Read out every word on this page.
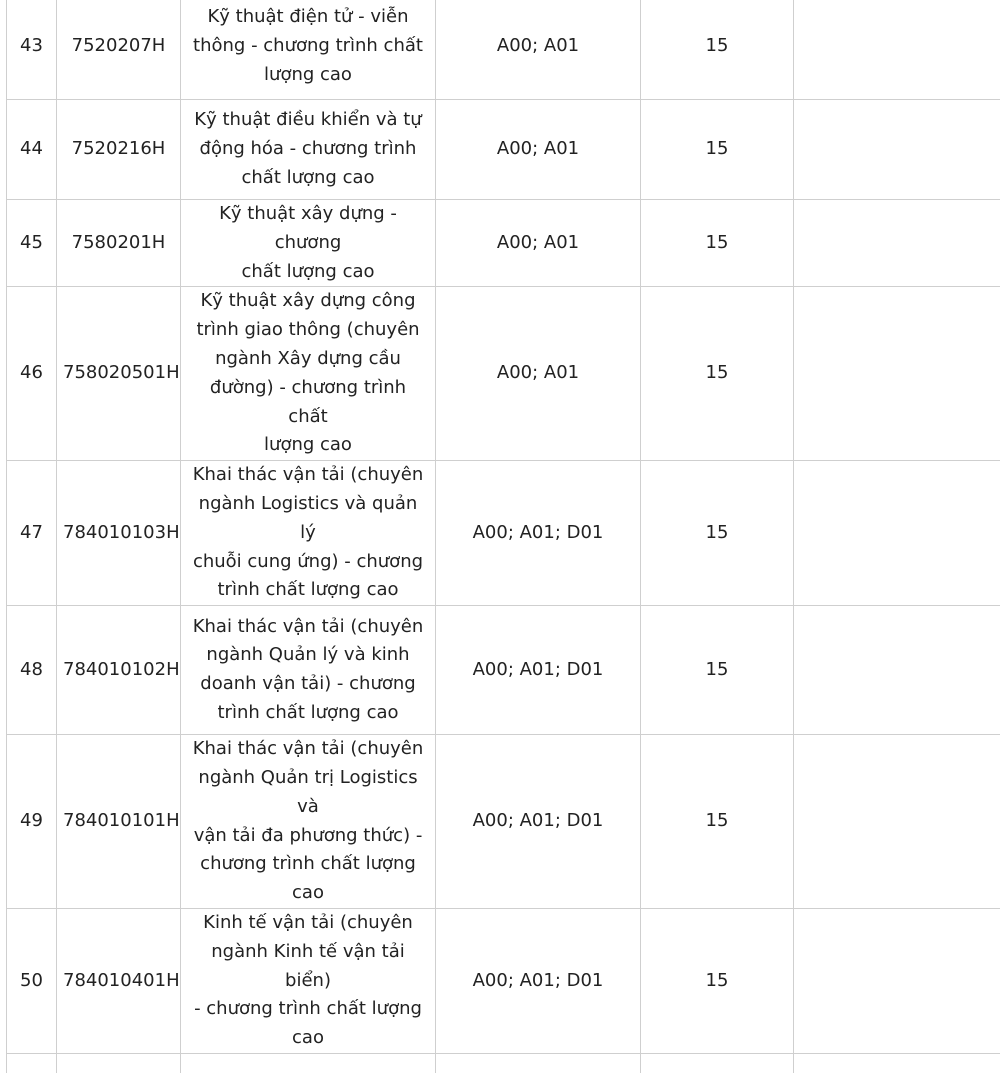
43	7520207H	Kỹ thuật điện tử - viễn
thông - chương trình chất
lượng cao	A00; A01	15	
44	7520216H	Kỹ thuật điều khiển và tự
động hóa - chương trình
chất lượng cao	A00; A01	15	
45	7580201H	Kỹ thuật xây dựng - chương
chất lượng cao	A00; A01	15	
46	758020501H	Kỹ thuật xây dựng công
trình giao thông (chuyên
ngành Xây dựng cầu
đường) - chương trình chất
lượng cao	A00; A01	15	
47	784010103H	Khai thác vận tải (chuyên
ngành Logistics và quản lý
chuỗi cung ứng) - chương
trình chất lượng cao	A00; A01; D01	15	
48	784010102H	Khai thác vận tải (chuyên
ngành Quản lý và kinh
doanh vận tải) - chương
trình chất lượng cao	A00; A01; D01	15	
49	784010101H	Khai thác vận tải (chuyên
ngành Quản trị Logistics và
vận tải đa phương thức) -
chương trình chất lượng cao	A00; A01; D01	15	
50	784010401H	Kinh tế vận tải (chuyên
ngành Kinh tế vận tải biển)
- chương trình chất lượng
cao	A00; A01; D01	15	
